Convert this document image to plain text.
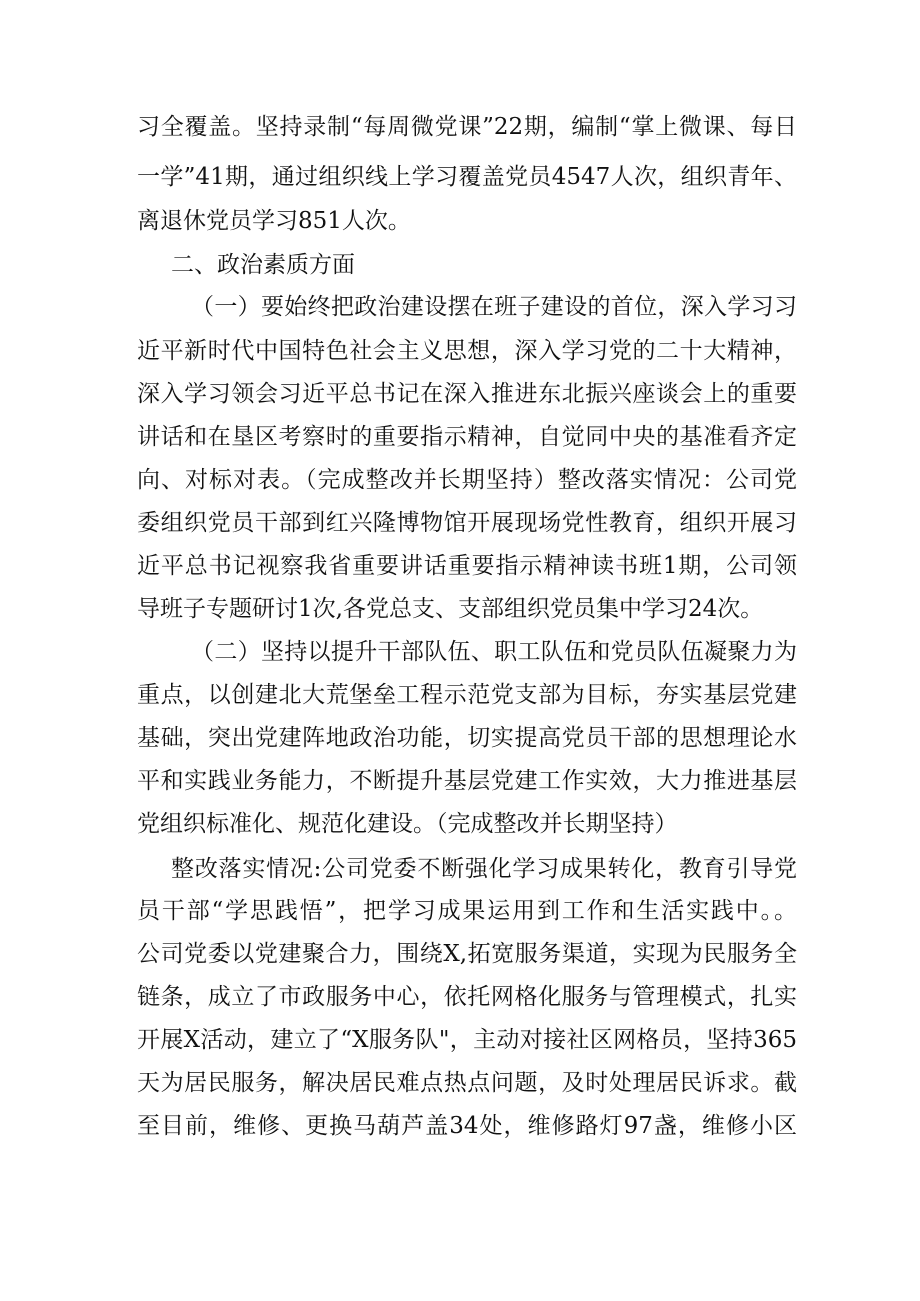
习全覆盖。坚持录制“每周微党课”22期，编制“掌上微课、每日
一学”41期，通过组织线上学习覆盖党员4547人次，组织青年、
离退休党员学习851人次。
二、政治素质方面
（一）要始终把政治建设摆在班子建设的首位，深入学习习
近平新时代中国特色社会主义思想，深入学习党的二十大精神，
深入学习领会习近平总书记在深入推进东北振兴座谈会上的重要
讲话和在垦区考察时的重要指示精神，自觉同中央的基准看齐定
向、对标对表。（完成整改并长期坚持）整改落实情况：公司党
委组织党员干部到红兴隆博物馆开展现场党性教育，组织开展习
近平总书记视察我省重要讲话重要指示精神读书班1期，公司领
导班子专题研讨1次,各党总支、支部组织党员集中学习24次。
（二）坚持以提升干部队伍、职工队伍和党员队伍凝聚力为
重点，以创建北大荒堡垒工程示范党支部为目标，夯实基层党建
基础，突出党建阵地政治功能，切实提高党员干部的思想理论水
平和实践业务能力，不断提升基层党建工作实效，大力推进基层
党组织标准化、规范化建设。（完成整改并长期坚持）
整改落实情况:公司党委不断强化学习成果转化，教育引导党
员干部“学思践悟”，把学习成果运用到工作和生活实践中。。
公司党委以党建聚合力，围绕X,拓宽服务渠道，实现为民服务全
链条，成立了市政服务中心，依托网格化服务与管理模式，扎实
开展X活动，建立了“X服务队"，主动对接社区网格员，坚持365
天为居民服务，解决居民难点热点问题，及时处理居民诉求。截
至目前，维修、更换马葫芦盖34处，维修路灯97盏，维修小区
